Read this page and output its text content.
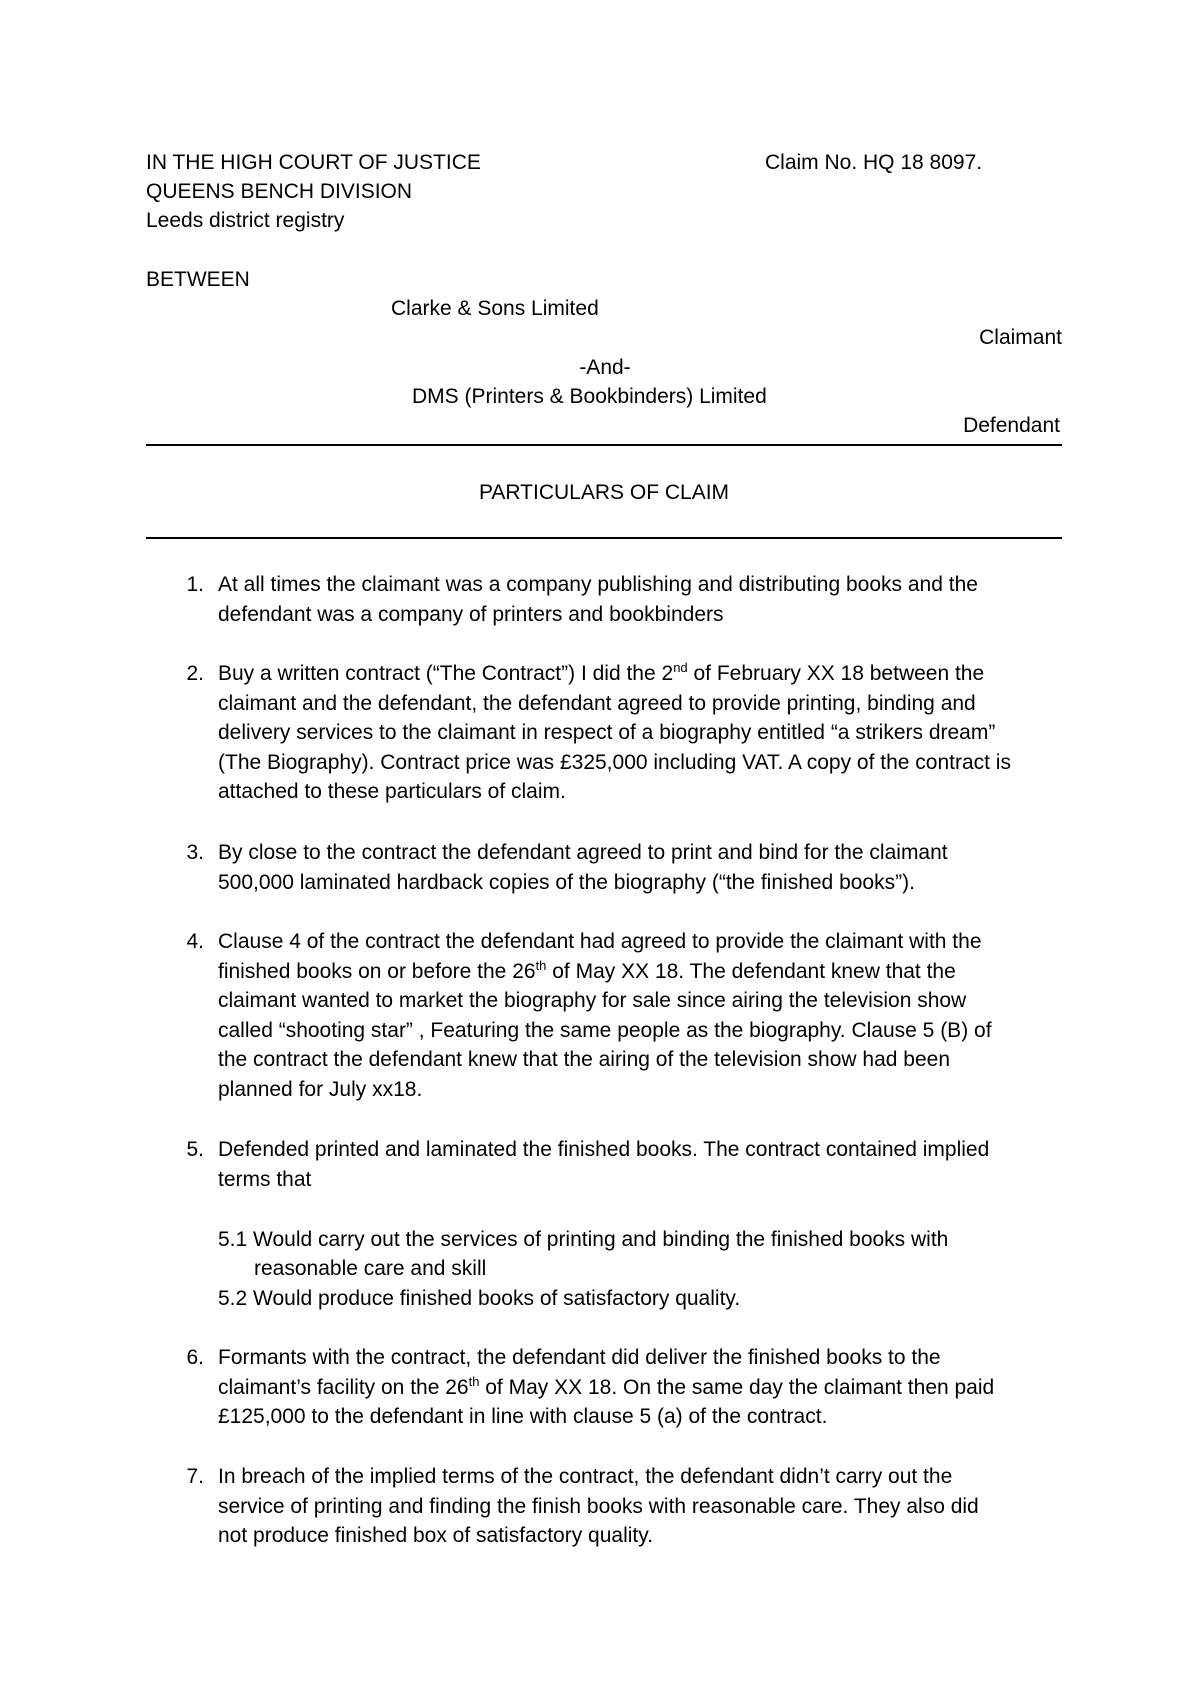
IN THE HIGH COURT OF JUSTICE	Claim No. HQ 18 8097.
QUEENS BENCH DIVISION
Leeds district registry
BETWEEN
Clarke & Sons Limited
Claimant
-And-
DMS (Printers & Bookbinders) Limited
Defendant
PARTICULARS OF CLAIM
1. At all times the claimant was a company publishing and distributing books and the
defendant was a company of printers and bookbinders
2. Buy a written contract (“The Contract”) I did the 2nd of February XX 18 between the
claimant and the defendant, the defendant agreed to provide printing, binding and
delivery services to the claimant in respect of a biography entitled “a strikers dream”
(The Biography). Contract price was £325,000 including VAT. A copy of the contract is
attached to these particulars of claim.
3. By close to the contract the defendant agreed to print and bind for the claimant
500,000 laminated hardback copies of the biography (“the finished books”).
4. Clause 4 of the contract the defendant had agreed to provide the claimant with the
finished books on or before the 26th of May XX 18. The defendant knew that the
claimant wanted to market the biography for sale since airing the television show
called “shooting star” , Featuring the same people as the biography. Clause 5 (B) of
the contract the defendant knew that the airing of the television show had been
planned for July xx18.
5. Defended printed and laminated the finished books. The contract contained implied
terms that
5.1 Would carry out the services of printing and binding the finished books with
reasonable care and skill
5.2 Would produce finished books of satisfactory quality.
6. Formants with the contract, the defendant did deliver the finished books to the
claimant’s facility on the 26th of May XX 18. On the same day the claimant then paid
£125,000 to the defendant in line with clause 5 (a) of the contract.
7. In breach of the implied terms of the contract, the defendant didn’t carry out the
service of printing and finding the finish books with reasonable care. They also did
not produce finished box of satisfactory quality.
